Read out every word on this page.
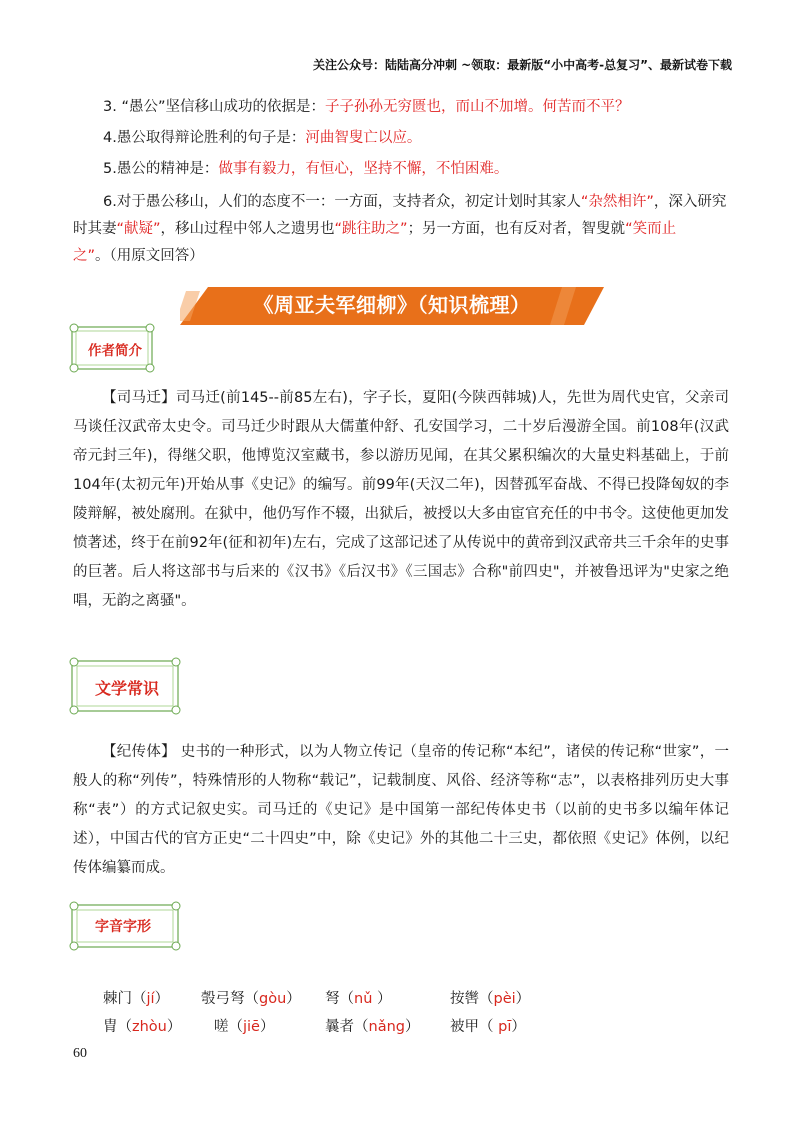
关注公众号：陆陆高分冲刺 ~领取：最新版“小中高考-总复习”、最新试卷下载
3. “愚公”坚信移山成功的依据是：子子孙孙无穷匮也，而山不加增。何苦而不平？
4.愚公取得辩论胜利的句子是：河曲智叟亡以应。
5.愚公的精神是：做事有毅力，有恒心，坚持不懈，不怕困难。
6.对于愚公移山，人们的态度不一：一方面，支持者众，初定计划时其家人“杂然相许”，深入研究
时其妻“献疑”，移山过程中邻人之遗男也“跳往助之”；另一方面，也有反对者，智叟就“笑而止
之”。（用原文回答）
《周亚夫军细柳》（知识梳理）
作者简介
【司马迁】司马迁(前145--前85左右)，字子长，夏阳(今陕西韩城)人，先世为周代史官，父亲司马谈任汉武帝太史令。司马迁少时跟从大儒董仲舒、孔安国学习，二十岁后漫游全国。前108年(汉武帝元封三年)，得继父职，他博览汉室藏书，参以游历见闻，在其父累积编次的大量史料基础上，于前104年(太初元年)开始从事《史记》的编写。前99年(天汉二年)，因替孤军奋战、不得已投降匈奴的李陵辩解，被处腐刑。在狱中，他仍写作不辍，出狱后，被授以大多由宦官充任的中书令。这使他更加发愤著述，终于在前92年(征和初年)左右，完成了这部记述了从传说中的黄帝到汉武帝共三千余年的史事的巨著。后人将这部书与后来的《汉书》《后汉书》《三国志》合称"前四史"，并被鲁迅评为"史家之绝唱，无韵之离骚"。
文学常识
【纪传体】 史书的一种形式，以为人物立传记（皇帝的传记称“本纪”，诸侯的传记称“世家”，一般人的称“列传”，特殊情形的人物称“载记”，记载制度、风俗、经济等称“志”，以表格排列历史大事称“表”）的方式记叙史实。司马迁的《史记》是中国第一部纪传体史书（以前的史书多以编年体记述），中国古代的官方正史“二十四史”中，除《史记》外的其他二十三史，都依照《史记》体例，以纪传体编纂而成。
字音字形
棘门（jí） 彀弓弩（gòu） 弩（nǔ ）	按辔（pèi）
胄（zhòu） 嗟（jiē）	曩者（nǎng） 被甲（ pī）
60
